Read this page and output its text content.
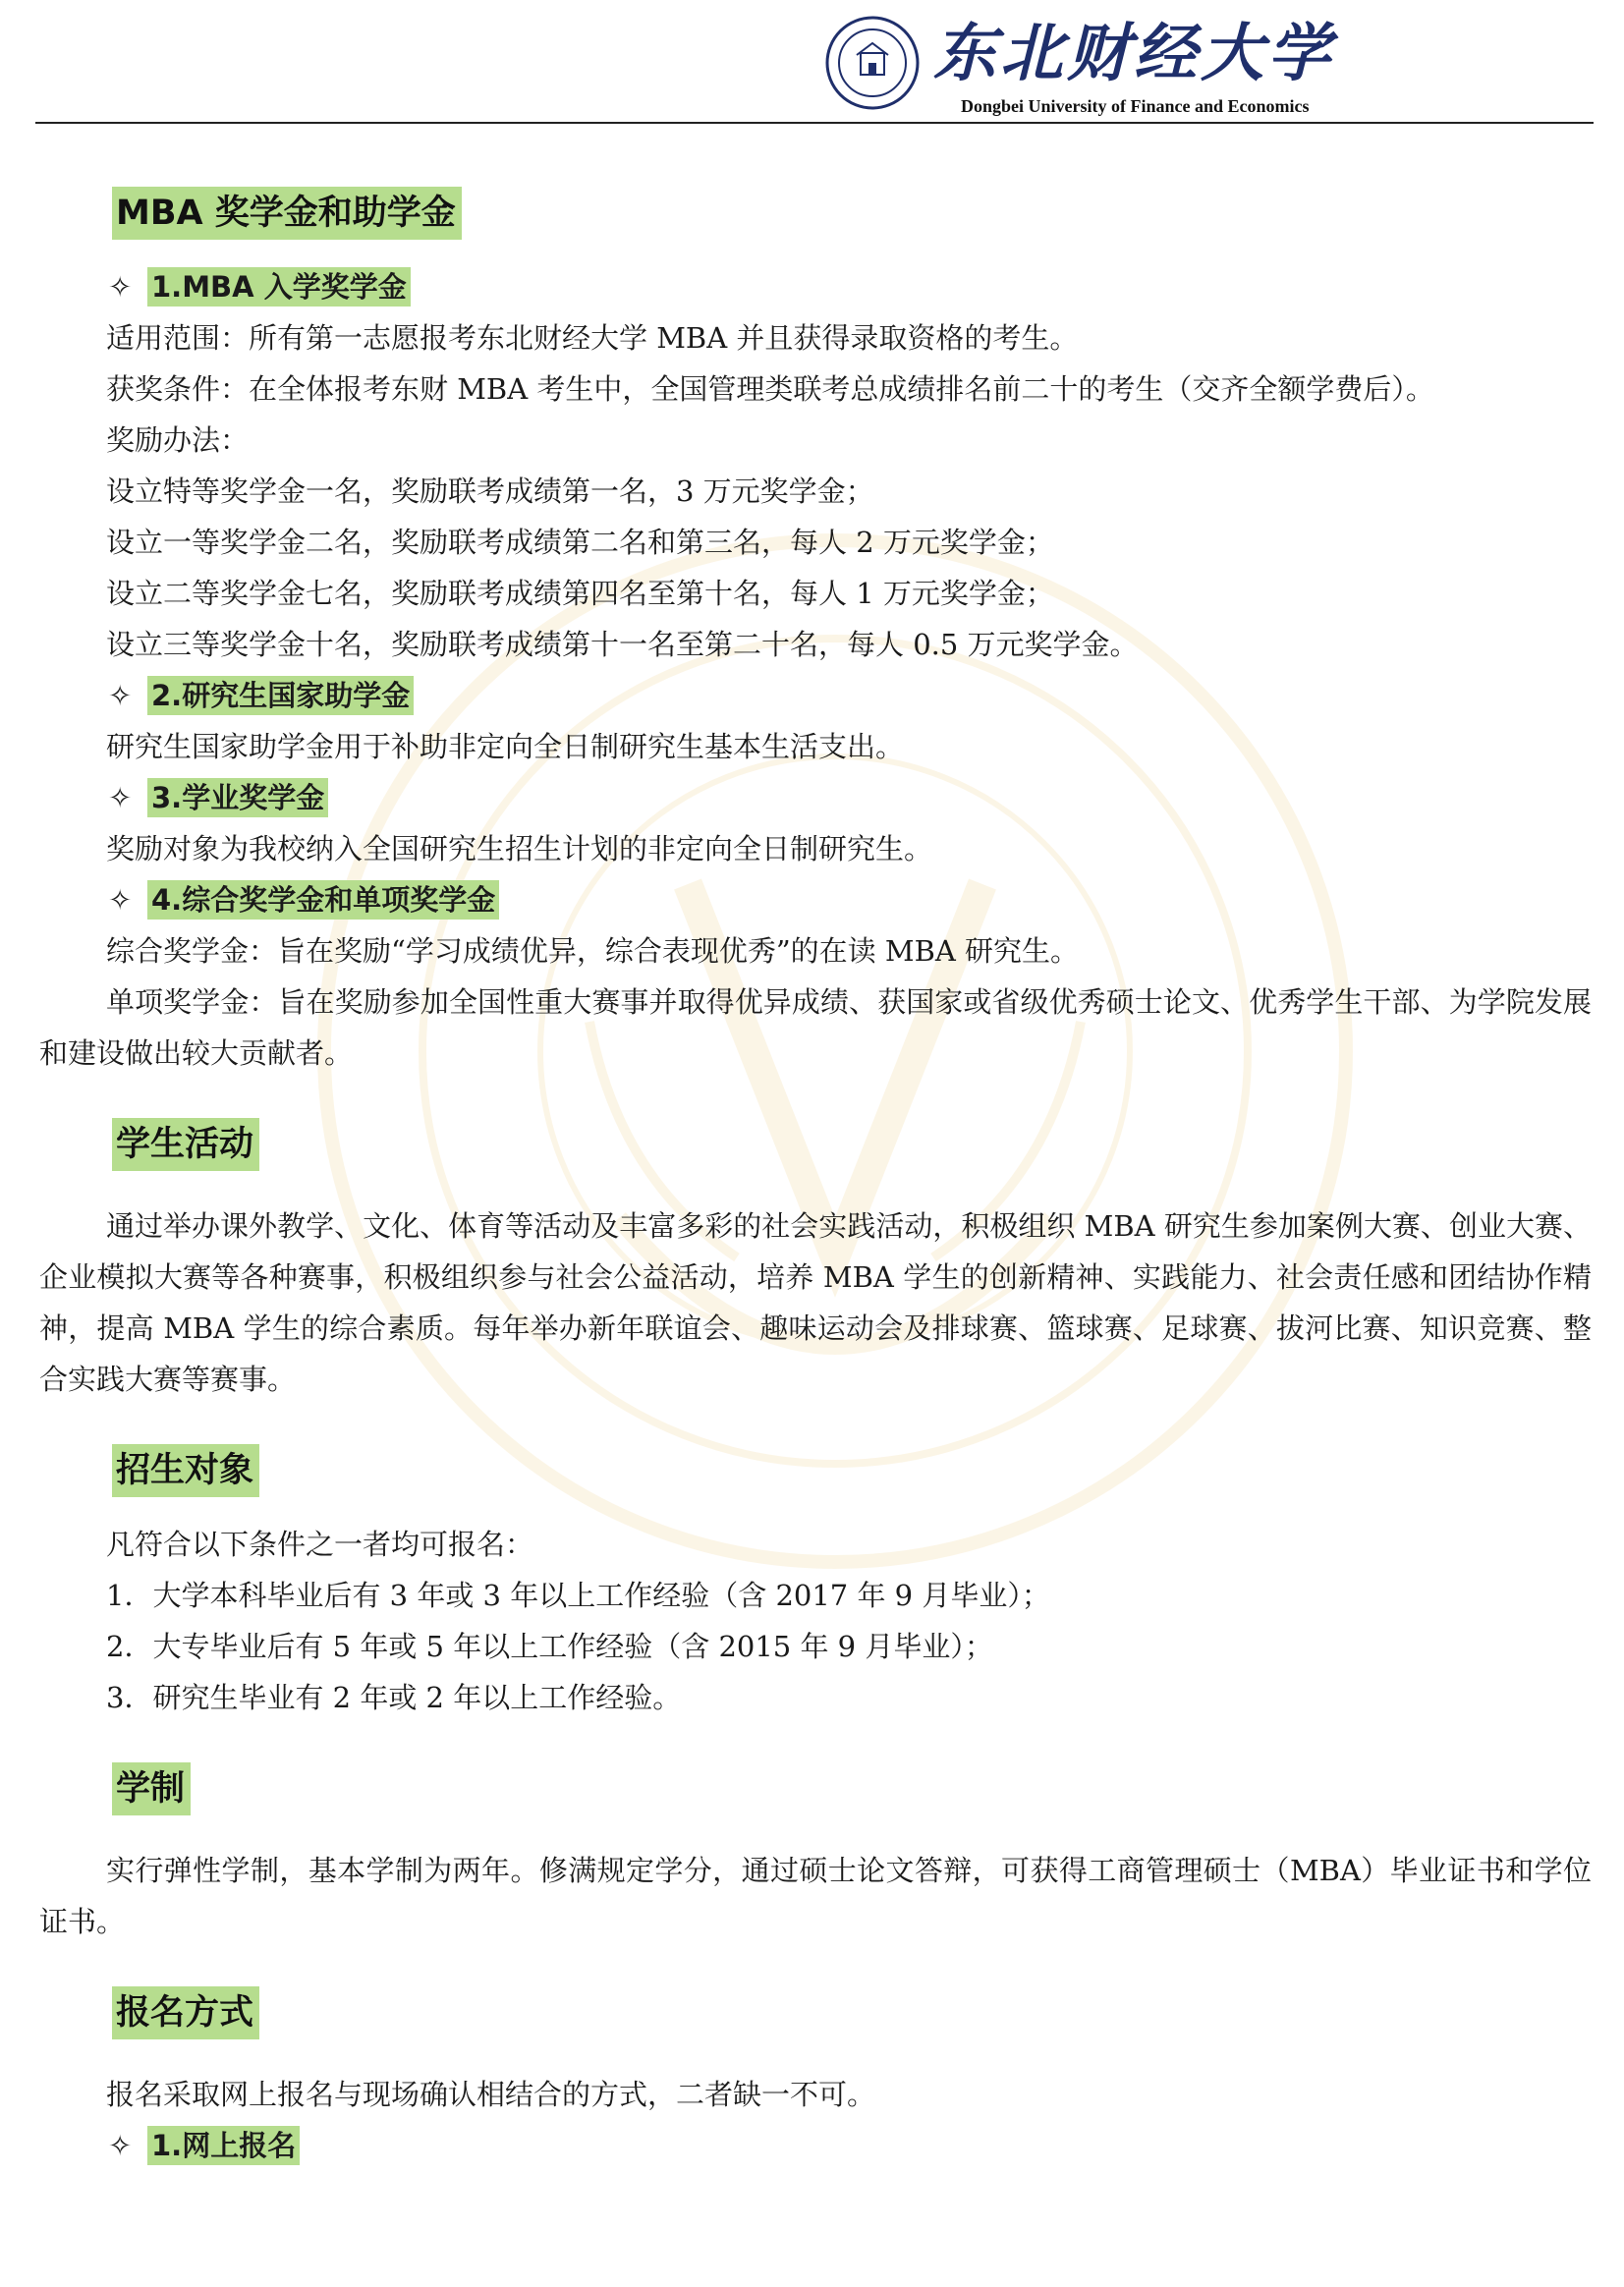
东北财经大学
Dongbei University of Finance and Economics
MBA 奖学金和助学金
✧ 1.MBA 入学奖学金
适用范围：所有第一志愿报考东北财经大学 MBA 并且获得录取资格的考生。
获奖条件：在全体报考东财 MBA 考生中，全国管理类联考总成绩排名前二十的考生（交齐全额学费后）。
奖励办法：
设立特等奖学金一名，奖励联考成绩第一名，3 万元奖学金；
设立一等奖学金二名，奖励联考成绩第二名和第三名，每人 2 万元奖学金；
设立二等奖学金七名，奖励联考成绩第四名至第十名，每人 1 万元奖学金；
设立三等奖学金十名，奖励联考成绩第十一名至第二十名，每人 0.5 万元奖学金。
✧ 2.研究生国家助学金
研究生国家助学金用于补助非定向全日制研究生基本生活支出。
✧ 3.学业奖学金
奖励对象为我校纳入全国研究生招生计划的非定向全日制研究生。
✧ 4.综合奖学金和单项奖学金
综合奖学金：旨在奖励“学习成绩优异，综合表现优秀”的在读 MBA 研究生。
单项奖学金：旨在奖励参加全国性重大赛事并取得优异成绩、获国家或省级优秀硕士论文、优秀学生干部、为学院发展和建设做出较大贡献者。
学生活动
通过举办课外教学、文化、体育等活动及丰富多彩的社会实践活动，积极组织 MBA 研究生参加案例大赛、创业大赛、企业模拟大赛等各种赛事，积极组织参与社会公益活动，培养 MBA 学生的创新精神、实践能力、社会责任感和团结协作精神，提高 MBA 学生的综合素质。每年举办新年联谊会、趣味运动会及排球赛、篮球赛、足球赛、拔河比赛、知识竞赛、整合实践大赛等赛事。
招生对象
凡符合以下条件之一者均可报名：
1．大学本科毕业后有 3 年或 3 年以上工作经验（含 2017 年 9 月毕业）；
2．大专毕业后有 5 年或 5 年以上工作经验（含 2015 年 9 月毕业）；
3．研究生毕业有 2 年或 2 年以上工作经验。
学制
实行弹性学制，基本学制为两年。修满规定学分，通过硕士论文答辩，可获得工商管理硕士（MBA）毕业证书和学位证书。
报名方式
报名采取网上报名与现场确认相结合的方式，二者缺一不可。
✧ 1.网上报名
